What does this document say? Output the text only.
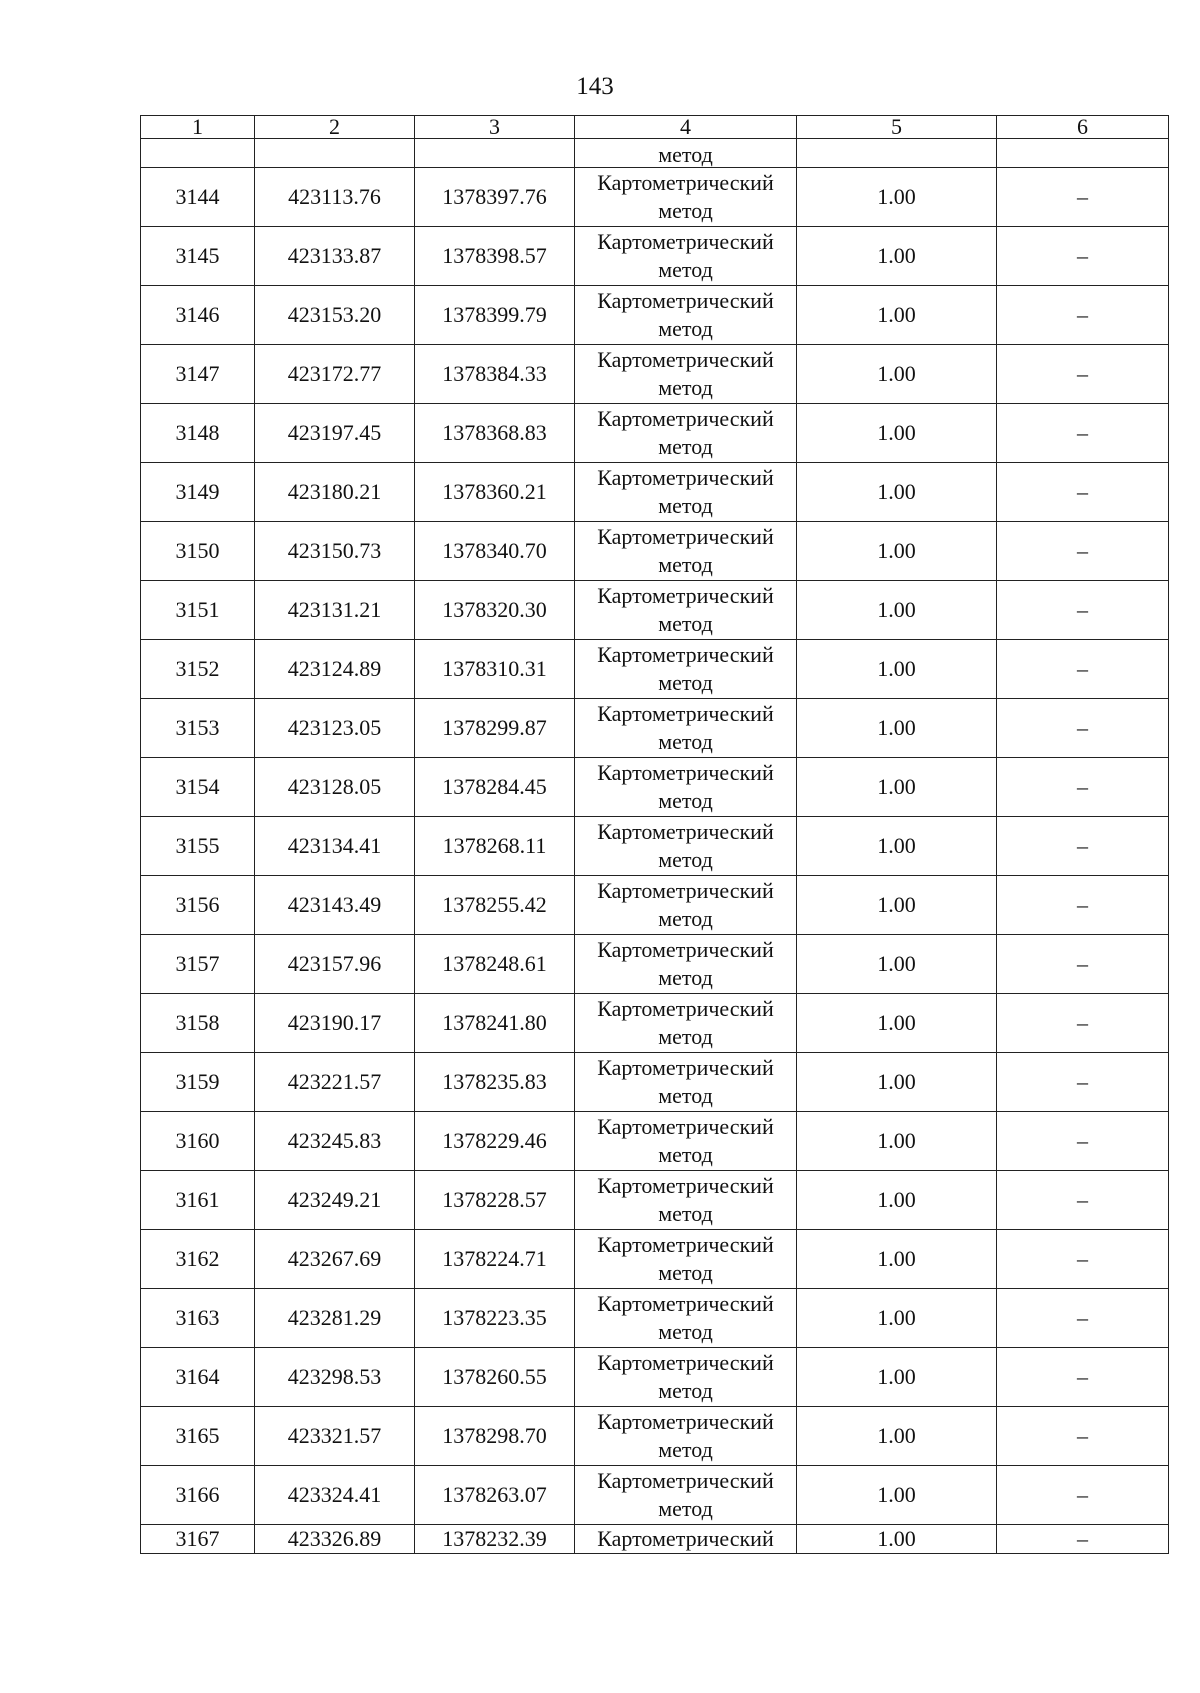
143
1	2	3	4	5	6
			метод		
3144	423113.76	1378397.76	Картометрический
метод	1.00	–
3145	423133.87	1378398.57	Картометрический
метод	1.00	–
3146	423153.20	1378399.79	Картометрический
метод	1.00	–
3147	423172.77	1378384.33	Картометрический
метод	1.00	–
3148	423197.45	1378368.83	Картометрический
метод	1.00	–
3149	423180.21	1378360.21	Картометрический
метод	1.00	–
3150	423150.73	1378340.70	Картометрический
метод	1.00	–
3151	423131.21	1378320.30	Картометрический
метод	1.00	–
3152	423124.89	1378310.31	Картометрический
метод	1.00	–
3153	423123.05	1378299.87	Картометрический
метод	1.00	–
3154	423128.05	1378284.45	Картометрический
метод	1.00	–
3155	423134.41	1378268.11	Картометрический
метод	1.00	–
3156	423143.49	1378255.42	Картометрический
метод	1.00	–
3157	423157.96	1378248.61	Картометрический
метод	1.00	–
3158	423190.17	1378241.80	Картометрический
метод	1.00	–
3159	423221.57	1378235.83	Картометрический
метод	1.00	–
3160	423245.83	1378229.46	Картометрический
метод	1.00	–
3161	423249.21	1378228.57	Картометрический
метод	1.00	–
3162	423267.69	1378224.71	Картометрический
метод	1.00	–
3163	423281.29	1378223.35	Картометрический
метод	1.00	–
3164	423298.53	1378260.55	Картометрический
метод	1.00	–
3165	423321.57	1378298.70	Картометрический
метод	1.00	–
3166	423324.41	1378263.07	Картометрический
метод	1.00	–
3167	423326.89	1378232.39	Картометрический	1.00	–
